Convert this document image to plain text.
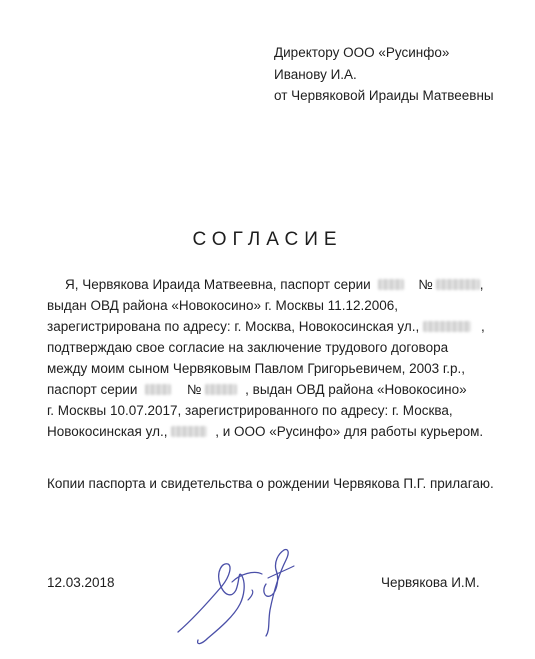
Директору ООО «Русинфо»
Иванову И.А.
от Червяковой Ираиды Матвеевны
СОГЛАСИЕ
Я, Червякова Ираида Матвеевна, паспорт серии	№	,
выдан ОВД района «Новокосино» г. Москвы 11.12.2006,
зарегистрирована по адресу: г. Москва, Новокосинская ул.,	,
подтверждаю свое согласие на заключение трудового договора
между моим сыном Червяковым Павлом Григорьевичем, 2003 г.р.,
паспорт серии	№	, выдан ОВД района «Новокосино»
г. Москвы 10.07.2017, зарегистрированного по адресу: г. Москва,
Новокосинская ул.,	, и ООО «Русинфо» для работы курьером.
Копии паспорта и свидетельства о рождении Червякова П.Г. прилагаю.
12.03.2018	Червякова И.М.
